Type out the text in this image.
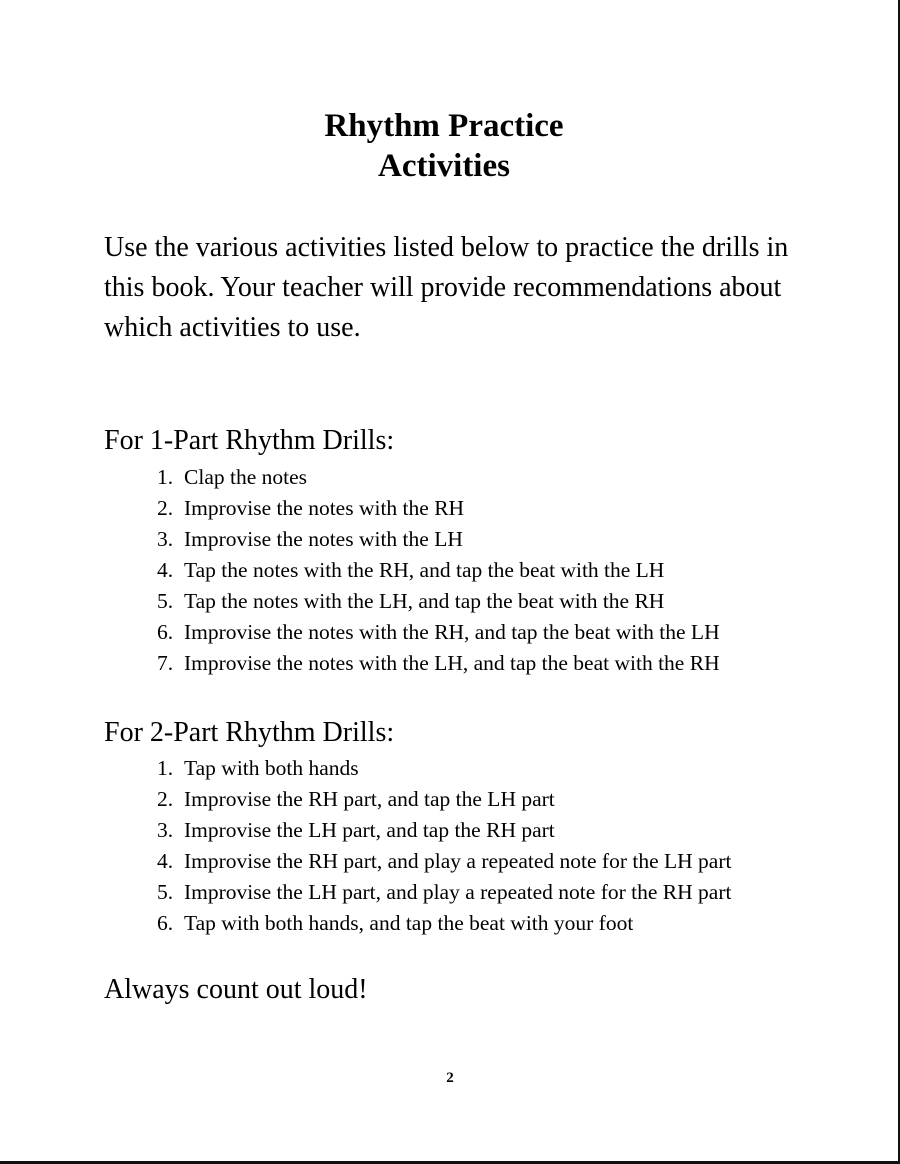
Rhythm Practice
Activities

Use the various activities listed below to practice the drills in this book. Your teacher will provide recommendations about which activities to use.

For 1-Part Rhythm Drills:
1. Clap the notes
2. Improvise the notes with the RH
3. Improvise the notes with the LH
4. Tap the notes with the RH, and tap the beat with the LH
5. Tap the notes with the LH, and tap the beat with the RH
6. Improvise the notes with the RH, and tap the beat with the LH
7. Improvise the notes with the LH, and tap the beat with the RH
For 2-Part Rhythm Drills:
1. Tap with both hands
2. Improvise the RH part, and tap the LH part
3. Improvise the LH part, and tap the RH part
4. Improvise the RH part, and play a repeated note for the LH part
5. Improvise the LH part, and play a repeated note for the RH part
6. Tap with both hands, and tap the beat with your foot

Always count out loud!

2
